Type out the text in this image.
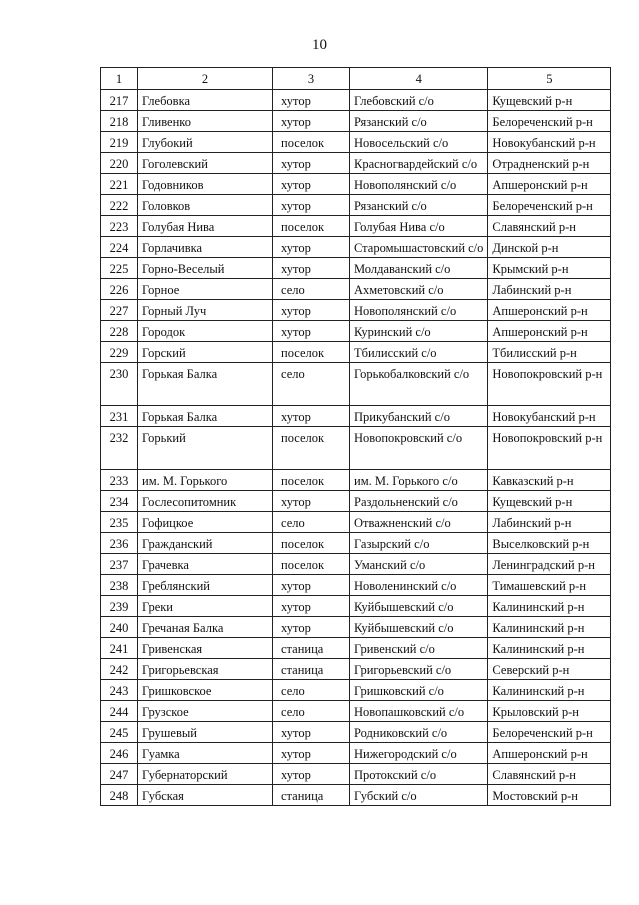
10
1	2	3	4	5
217	Глебовка	хутор	Глебовский с/о	Кущевский р-н
218	Гливенко	хутор	Рязанский с/о	Белореченский р-н
219	Глубокий	поселок	Новосельский с/о	Новокубанский р-н
220	Гоголевский	хутор	Красногвардейский с/о	Отрадненский р-н
221	Годовников	хутор	Новополянский с/о	Апшеронский р-н
222	Головков	хутор	Рязанский с/о	Белореченский р-н
223	Голубая Нива	поселок	Голубая Нива с/о	Славянский р-н
224	Горлачивка	хутор	Старомышастовский с/о	Динской р-н
225	Горно-Веселый	хутор	Молдаванский с/о	Крымский р-н
226	Горное	село	Ахметовский с/о	Лабинский р-н
227	Горный Луч	хутор	Новополянский с/о	Апшеронский р-н
228	Городок	хутор	Куринский с/о	Апшеронский р-н
229	Горский	поселок	Тбилисский с/о	Тбилисский р-н
230	Горькая Балка	село	Горькобалковский с/о	Новопокровский р-н
231	Горькая Балка	хутор	Прикубанский с/о	Новокубанский р-н
232	Горький	поселок	Новопокровский с/о	Новопокровский р-н
233	им. М. Горького	поселок	им. М. Горького с/о	Кавказский р-н
234	Гослесопитомник	хутор	Раздольненский с/о	Кущевский р-н
235	Гофицкое	село	Отважненский с/о	Лабинский р-н
236	Гражданский	поселок	Газырский с/о	Выселковский р-н
237	Грачевка	поселок	Уманский с/о	Ленинградский р-н
238	Греблянский	хутор	Новоленинский с/о	Тимашевский р-н
239	Греки	хутор	Куйбышевский с/о	Калининский р-н
240	Гречаная Балка	хутор	Куйбышевский с/о	Калининский р-н
241	Гривенская	станица	Гривенский с/о	Калининский р-н
242	Григорьевская	станица	Григорьевский с/о	Северский р-н
243	Гришковское	село	Гришковский с/о	Калининский р-н
244	Грузское	село	Новопашковский с/о	Крыловский р-н
245	Грушевый	хутор	Родниковский с/о	Белореченский р-н
246	Гуамка	хутор	Нижегородский с/о	Апшеронский р-н
247	Губернаторский	хутор	Протокский с/о	Славянский р-н
248	Губская	станица	Губский с/о	Мостовский р-н
